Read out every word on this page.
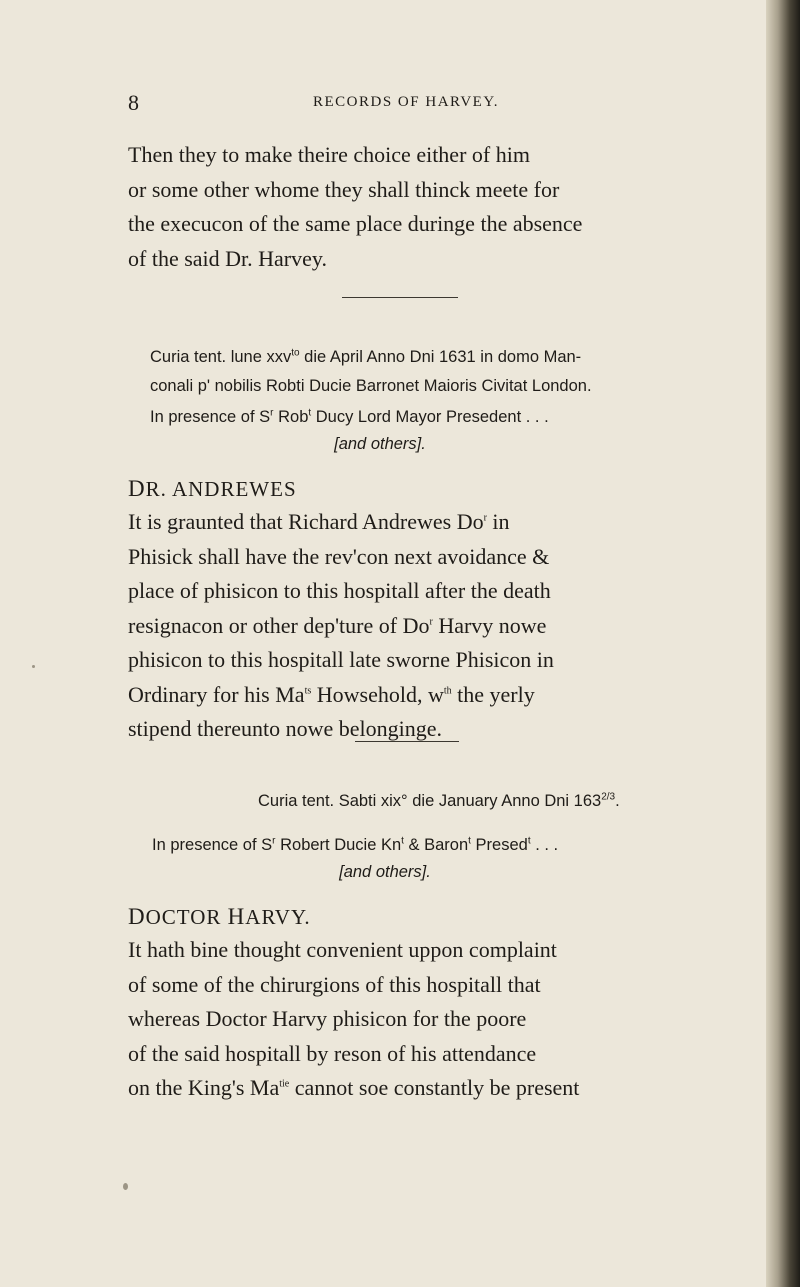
8	RECORDS OF HARVEY.

Then they to make theire choice either of him
or some other whome they shall thinck meete for
the execucon of the same place duringe the absence
of the said Dr. Harvey.

Curia tent. lune xxv$^{to}$ die April Anno Dni 1631 in domo Man-
conali p' nobilis Robti Ducie Barronet Maioris Civitat London.

In presence of $S^r$ Rob$^t$ Ducy Lord Mayor Presedent . . .

[and others].

DR. ANDREWES

It is graunted that Richard Andrewes Do$^r$ in
Phisick shall have the rev'con next avoidance &
place of phisicon to this hospitall after the death
resignacon or other dep'ture of Do$^r$ Harvy nowe
phisicon to this hospitall late sworne Phisicon in
Ordinary for his $Ma^{ts}$ Howsehold, $w^{th}$ the yerly
stipend thereunto nowe belonginge.

Curia tent. Sabti xix° die January Anno Dni $163^{2/3}$.

In presence of $S^r$ Robert Ducie Kn$^t$ & Baron$^t$ Presed$^t$ . . .

[and others].

DOCTOR HARVY.

It hath bine thought convenient uppon complaint
of some of the chirurgions of this hospitall that
whereas Doctor Harvy phisicon for the poore
of the said hospitall by reson of his attendance
on the King's $Ma^{tie}$ cannot soe constantly be present
